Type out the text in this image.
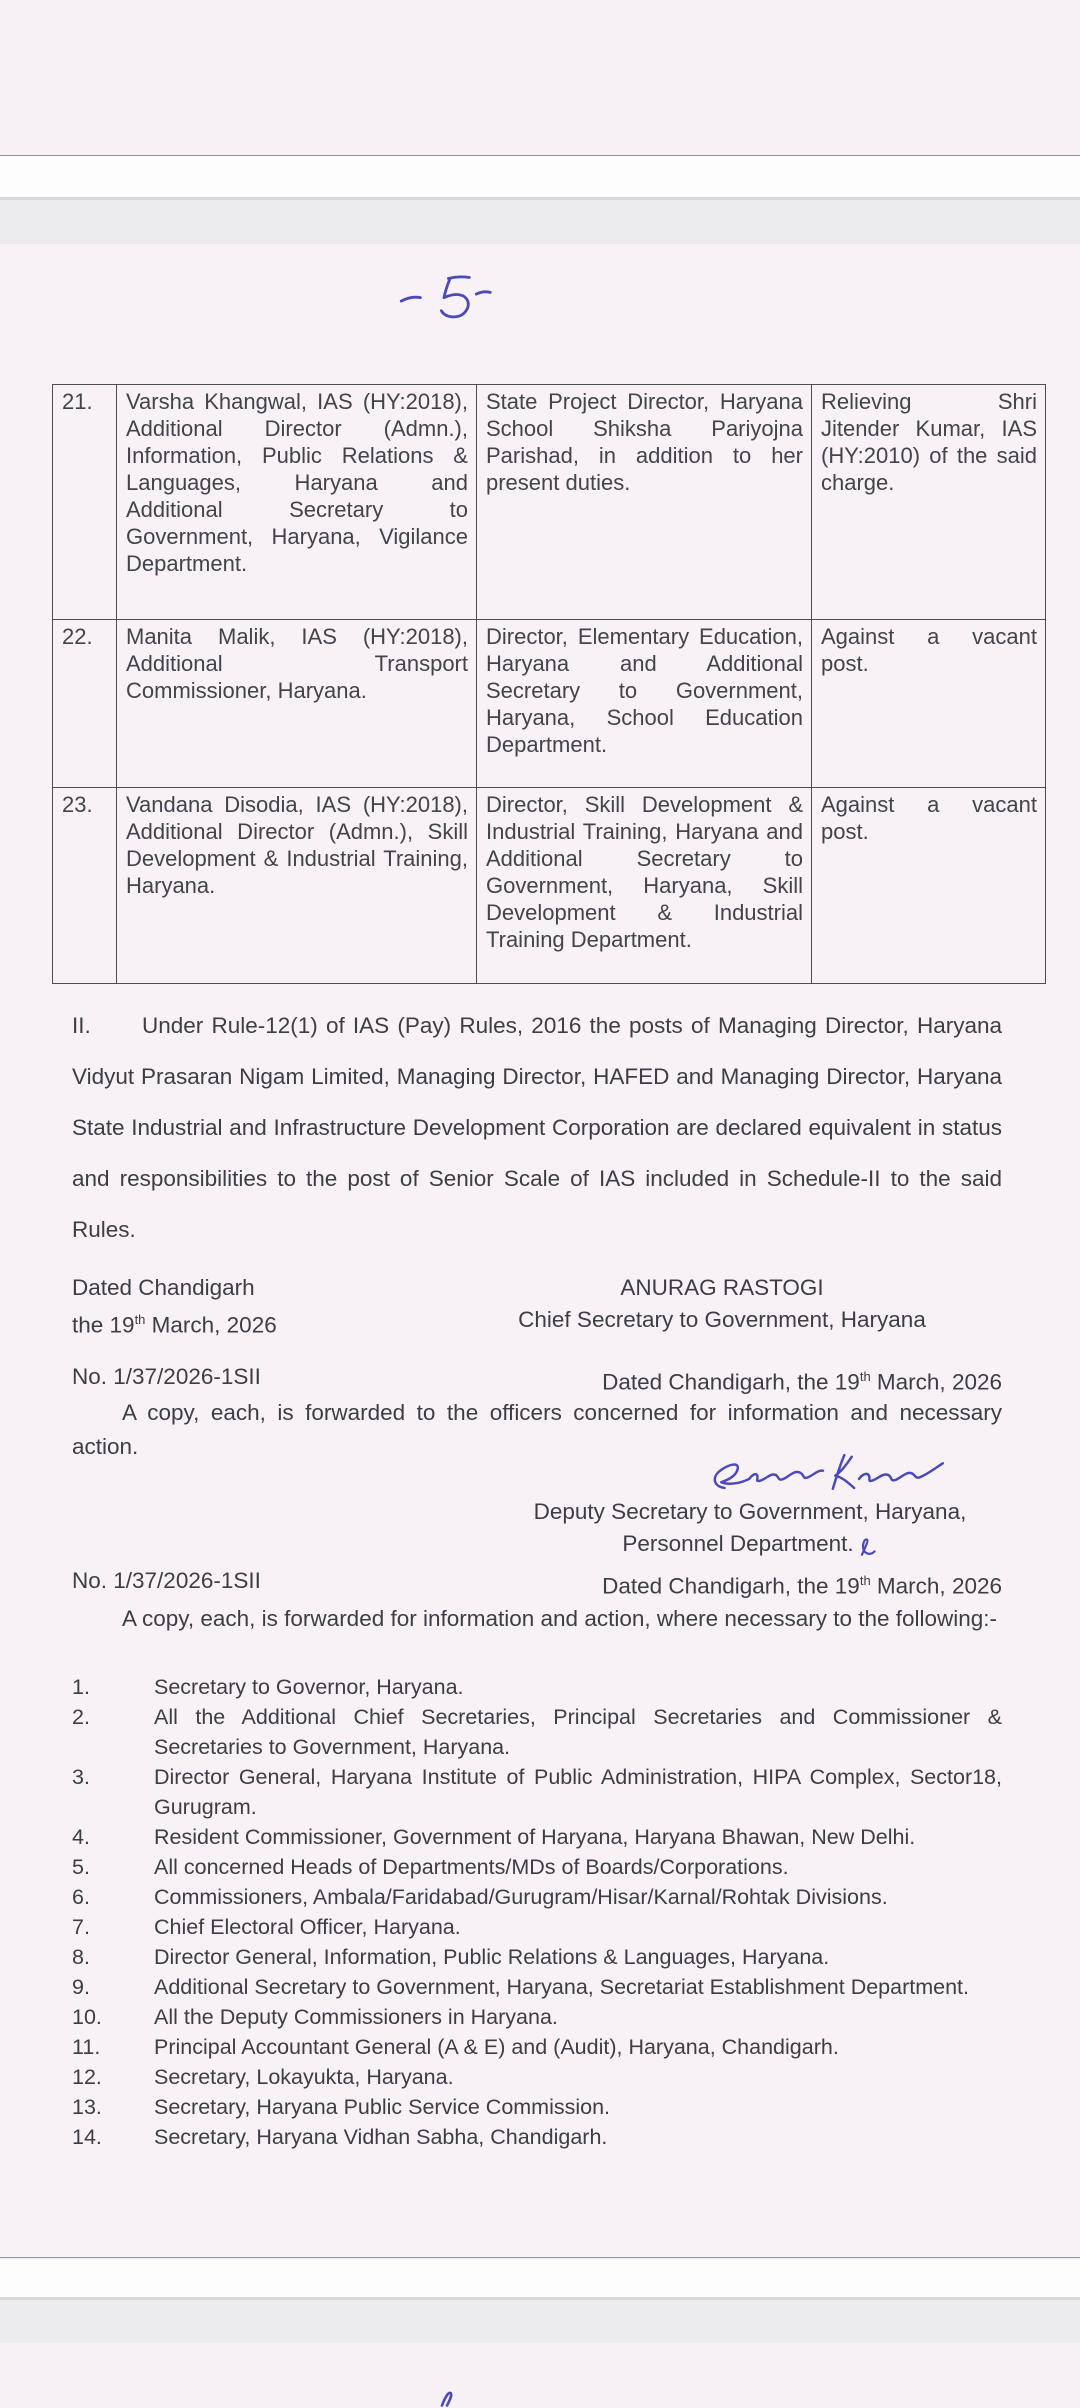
21.	Varsha Khangwal, IAS (HY:2018), Additional Director (Admn.), Information, Public Relations & Languages, Haryana and Additional Secretary to Government, Haryana, Vigilance Department.	State Project Director, Haryana School Shiksha Pariyojna Parishad, in addition to her present duties.	Relieving Shri Jitender Kumar, IAS (HY:2010) of the said charge.
22.	Manita Malik, IAS (HY:2018), Additional Transport Commissioner, Haryana.	Director, Elementary Education, Haryana and Additional Secretary to Government, Haryana, School Education Department.	Against a vacant post.
23.	Vandana Disodia, IAS (HY:2018), Additional Director (Admn.), Skill Development & Industrial Training, Haryana.	Director, Skill Development & Industrial Training, Haryana and Additional Secretary to Government, Haryana, Skill Development & Industrial Training Department.	Against a vacant post.

II. Under Rule-12(1) of IAS (Pay) Rules, 2016 the posts of Managing Director, Haryana Vidyut Prasaran Nigam Limited, Managing Director, HAFED and Managing Director, Haryana State Industrial and Infrastructure Development Corporation are declared equivalent in status and responsibilities to the post of Senior Scale of IAS included in Schedule-II to the said Rules.

Dated Chandigarh
the 19th March, 2026
ANURAG RASTOGI
Chief Secretary to Government, Haryana
No. 1/37/2026-1SII	Dated Chandigarh, the 19th March, 2026

A copy, each, is forwarded to the officers concerned for information and necessary action.

Deputy Secretary to Government, Haryana,
Personnel Department.
No. 1/37/2026-1SII	Dated Chandigarh, the 19th March, 2026

A copy, each, is forwarded for information and action, where necessary to the following:-

1.	Secretary to Governor, Haryana.
2.	All the Additional Chief Secretaries, Principal Secretaries and Commissioner & Secretaries to Government, Haryana.
3.	Director General, Haryana Institute of Public Administration, HIPA Complex, Sector18, Gurugram.
4.	Resident Commissioner, Government of Haryana, Haryana Bhawan, New Delhi.
5.	All concerned Heads of Departments/MDs of Boards/Corporations.
6.	Commissioners, Ambala/Faridabad/Gurugram/Hisar/Karnal/Rohtak Divisions.
7.	Chief Electoral Officer, Haryana.
8.	Director General, Information, Public Relations & Languages, Haryana.
9.	Additional Secretary to Government, Haryana, Secretariat Establishment Department.
10.	All the Deputy Commissioners in Haryana.
11.	Principal Accountant General (A & E) and (Audit), Haryana, Chandigarh.
12.	Secretary, Lokayukta, Haryana.
13.	Secretary, Haryana Public Service Commission.
14.	Secretary, Haryana Vidhan Sabha, Chandigarh.
